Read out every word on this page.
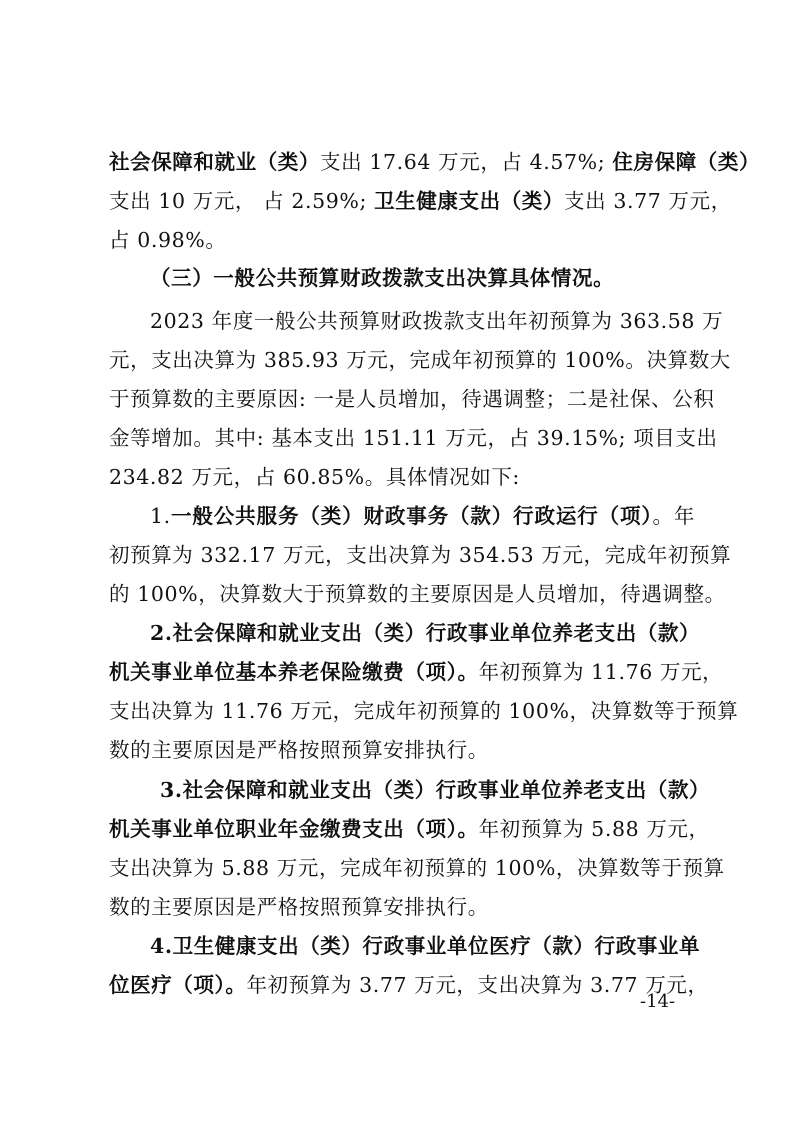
社会保障和就业（类）支出 17.64 万元，占 4.57%; 住房保障（类）
支出 10 万元， 占 2.59%; 卫生健康支出（类）支出 3.77 万元，
占 0.98%。
（三）一般公共预算财政拨款支出决算具体情况。
2023 年度一般公共预算财政拨款支出年初预算为 363.58 万
元，支出决算为 385.93 万元，完成年初预算的 100%。决算数大
于预算数的主要原因: 一是人员增加，待遇调整；二是社保、公积
金等增加。其中: 基本支出 151.11 万元，占 39.15%; 项目支出
234.82 万元，占 60.85%。具体情况如下:
1.一般公共服务（类）财政事务（款）行政运行（项）。年
初预算为 332.17 万元，支出决算为 354.53 万元，完成年初预算
的 100%，决算数大于预算数的主要原因是人员增加，待遇调整。
2.社会保障和就业支出（类）行政事业单位养老支出（款）
机关事业单位基本养老保险缴费（项）。年初预算为 11.76 万元，
支出决算为 11.76 万元，完成年初预算的 100%，决算数等于预算
数的主要原因是严格按照预算安排执行。
3.社会保障和就业支出（类）行政事业单位养老支出（款）
机关事业单位职业年金缴费支出（项）。年初预算为 5.88 万元，
支出决算为 5.88 万元，完成年初预算的 100%，决算数等于预算
数的主要原因是严格按照预算安排执行。
4.卫生健康支出（类）行政事业单位医疗（款）行政事业单
位医疗（项）。年初预算为 3.77 万元，支出决算为 3.77 万元，
-14-
